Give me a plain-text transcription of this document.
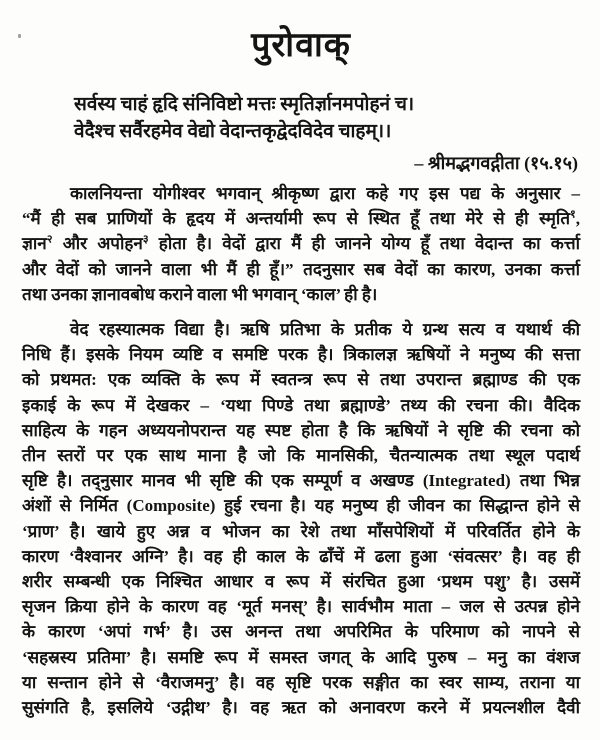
पुरोवाक्
सर्वस्य चाहं हृदि संनिविष्टो मत्तः स्मृतिर्ज्ञानमपोहनं च।
वेदैश्च सर्वैरहमेव वेद्यो वेदान्तकृद्वेदविदेव चाहम्।।
– श्रीमद्भगवद्गीता (१५.१५)
कालनियन्ता योगीश्वर भगवान् श्रीकृष्ण द्वारा कहे गए इस पद्य के अनुसार –
“मैं ही सब प्राणियों के हृदय में अन्तर्यामी रूप से स्थित हूँ तथा मेरे से ही स्मृति$^१$,
ज्ञान$^२$ और अपोहन$^३$ होता है। वेदों द्वारा मैं ही जानने योग्य हूँ तथा वेदान्त का कर्त्ता
और वेदों को जानने वाला भी मैं ही हूँ।” तदनुसार सब वेदों का कारण, उनका कर्त्ता
तथा उनका ज्ञानावबोध कराने वाला भी भगवान् ‘काल’ ही है।
वेद रहस्यात्मक विद्या है। ऋषि प्रतिभा के प्रतीक ये ग्रन्थ सत्य व यथार्थ की
निधि हैं। इसके नियम व्यष्टि व समष्टि परक है। त्रिकालज्ञ ऋषियों ने मनुष्य की सत्ता
को प्रथमत: एक व्यक्ति के रूप में स्वतन्त्र रूप से तथा उपरान्त ब्रह्माण्ड की एक
इकाई के रूप में देखकर – ‘यथा पिण्डे तथा ब्रह्माण्डे’ तथ्य की रचना की। वैदिक
साहित्य के गहन अध्ययनोपरान्त यह स्पष्ट होता है कि ऋषियों ने सृष्टि की रचना को
तीन स्तरों पर एक साथ माना है जो कि मानसिकी, चैतन्यात्मक तथा स्थूल पदार्थ
सृष्टि है। तद्नुसार मानव भी सृष्टि की एक सम्पूर्ण व अखण्ड (Integrated) तथा भिन्न
अंशों से निर्मित (Composite) हुई रचना है। यह मनुष्य ही जीवन का सिद्धान्त होने से
‘प्राण’ है। खाये हुए अन्न व भोजन का रेशे तथा माँसपेशियों में परिवर्तित होने के
कारण ‘वैश्वानर अग्नि’ है। वह ही काल के ढाँचें में ढला हुआ ‘संवत्सर’ है। वह ही
शरीर सम्बन्धी एक निश्चित आधार व रूप में संरचित हुआ ‘प्रथम पशु’ है। उसमें
सृजन क्रिया होने के कारण वह ‘मूर्त मनस्’ है। सार्वभौम माता – जल से उत्पन्न होने
के कारण ‘अपां गर्भ’ है। उस अनन्त तथा अपरिमित के परिमाण को नापने से
‘सहस्रस्य प्रतिमा’ है। समष्टि रूप में समस्त जगत् के आदि पुरुष – मनु का वंशज
या सन्तान होने से ‘वैराजमनु’ है। वह सृष्टि परक सङ्गीत का स्वर साम्य, तराना या
सुसंगति है, इसलिये ‘उद्गीथ’ है। वह ऋत को अनावरण करने में प्रयत्नशील दैवी
